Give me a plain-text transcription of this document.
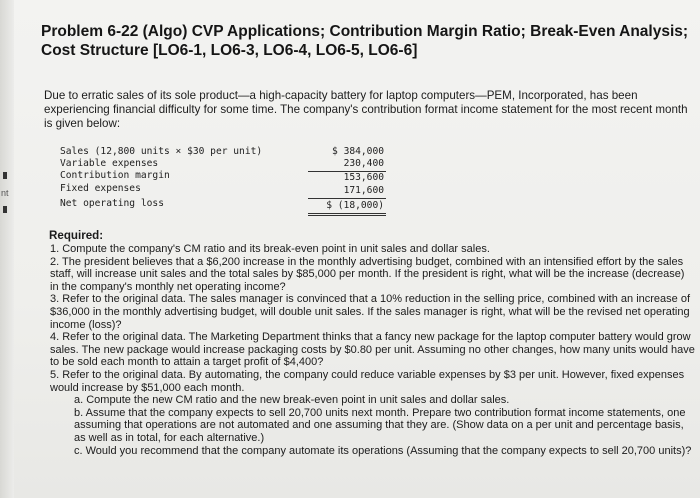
nt
Problem 6-22 (Algo) CVP Applications; Contribution Margin Ratio; Break-Even Analysis; Cost Structure [LO6-1, LO6-3, LO6-4, LO6-5, LO6-6]
Due to erratic sales of its sole product—a high-capacity battery for laptop computers—PEM, Incorporated, has been experiencing financial difficulty for some time. The company's contribution format income statement for the most recent month is given below:
Sales (12,800 units × $30 per unit)	$ 384,000
Variable expenses	230,400
Contribution margin	153,600
Fixed expenses	171,600
Net operating loss	$ (18,000)
Required:

1. Compute the company's CM ratio and its break-even point in unit sales and dollar sales.

2. The president believes that a $6,200 increase in the monthly advertising budget, combined with an intensified effort by the sales staff, will increase unit sales and the total sales by $85,000 per month. If the president is right, what will be the increase (decrease) in the company's monthly net operating income?

3. Refer to the original data. The sales manager is convinced that a 10% reduction in the selling price, combined with an increase of $36,000 in the monthly advertising budget, will double unit sales. If the sales manager is right, what will be the revised net operating income (loss)?

4. Refer to the original data. The Marketing Department thinks that a fancy new package for the laptop computer battery would grow sales. The new package would increase packaging costs by $0.80 per unit. Assuming no other changes, how many units would have to be sold each month to attain a target profit of $4,400?

5. Refer to the original data. By automating, the company could reduce variable expenses by $3 per unit. However, fixed expenses would increase by $51,000 each month.

a. Compute the new CM ratio and the new break-even point in unit sales and dollar sales.

b. Assume that the company expects to sell 20,700 units next month. Prepare two contribution format income statements, one assuming that operations are not automated and one assuming that they are. (Show data on a per unit and percentage basis, as well as in total, for each alternative.)

c. Would you recommend that the company automate its operations (Assuming that the company expects to sell 20,700 units)?
